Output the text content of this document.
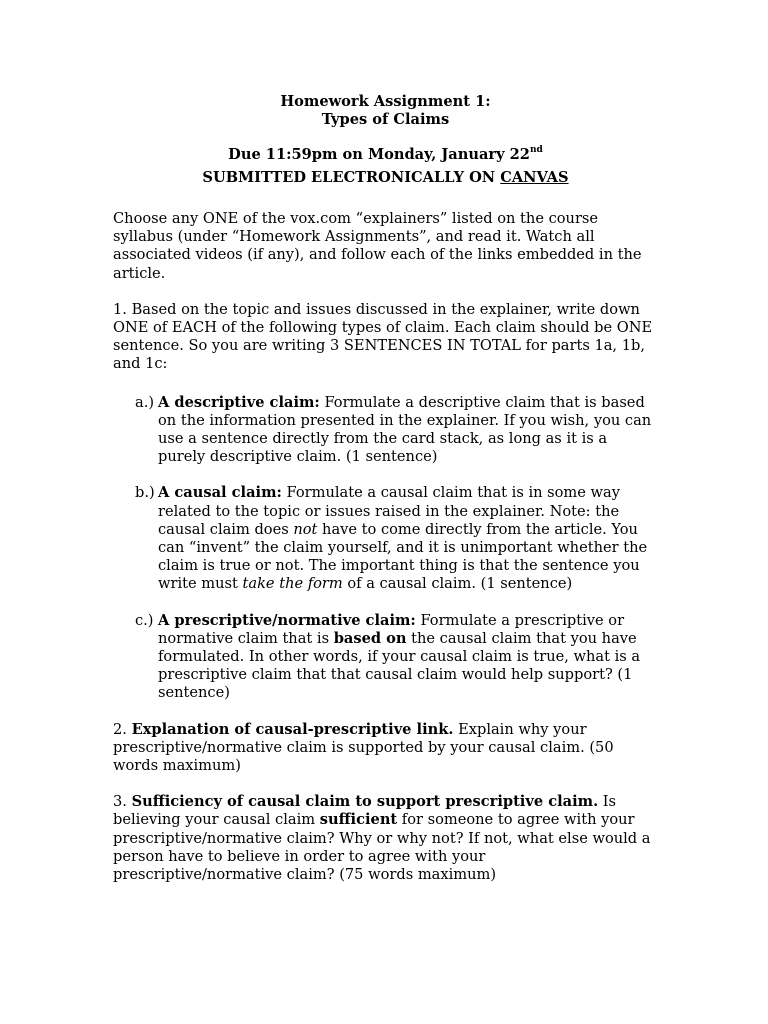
Homework Assignment 1:
Types of Claims
Due 11:59pm on Monday, January 22nd
SUBMITTED ELECTRONICALLY ON CANVAS

Choose any ONE of the vox.com “explainers” listed on the course syllabus (under “Homework Assignments”, and read it. Watch all associated videos (if any), and follow each of the links embedded in the article.

1. Based on the topic and issues discussed in the explainer, write down ONE of EACH of the following types of claim. Each claim should be ONE sentence. So you are writing 3 SENTENCES IN TOTAL for parts 1a, 1b, and 1c:

a.) A descriptive claim: Formulate a descriptive claim that is based on the information presented in the explainer. If you wish, you can use a sentence directly from the card stack, as long as it is a purely descriptive claim. (1 sentence)
b.) A causal claim: Formulate a causal claim that is in some way related to the topic or issues raised in the explainer. Note: the causal claim does not have to come directly from the article. You can “invent” the claim yourself, and it is unimportant whether the claim is true or not. The important thing is that the sentence you write must take the form of a causal claim. (1 sentence)
c.) A prescriptive/normative claim: Formulate a prescriptive or normative claim that is based on the causal claim that you have formulated. In other words, if your causal claim is true, what is a prescriptive claim that that causal claim would help support? (1 sentence)

2. Explanation of causal-prescriptive link. Explain why your prescriptive/normative claim is supported by your causal claim. (50 words maximum)

3. Sufficiency of causal claim to support prescriptive claim. Is believing your causal claim sufficient for someone to agree with your prescriptive/normative claim? Why or why not? If not, what else would a person have to believe in order to agree with your prescriptive/normative claim? (75 words maximum)
